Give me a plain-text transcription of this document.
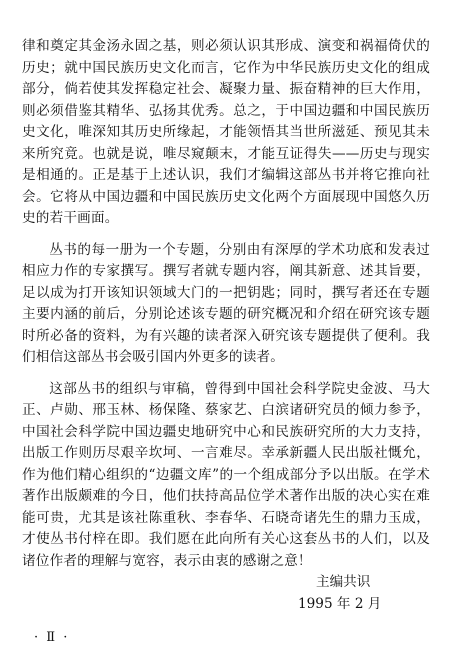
律和奠定其金汤永固之基，则必须认识其形成、演变和祸福倚伏的历史；就中国民族历史文化而言，它作为中华民族历史文化的组成部分，倘若使其发挥稳定社会、凝聚力量、振奋精神的巨大作用，则必须借鉴其精华、弘扬其优秀。总之，于中国边疆和中国民族历史文化，唯深知其历史所缘起，才能领悟其当世所滋延、预见其未来所究竟。也就是说，唯尽窥颠末，才能互证得失——历史与现实是相通的。正是基于上述认识，我们才编辑这部丛书并将它推向社会。它将从中国边疆和中国民族历史文化两个方面展现中国悠久历史的若干画面。

丛书的每一册为一个专题，分别由有深厚的学术功底和发表过相应力作的专家撰写。撰写者就专题内容，阐其新意、述其旨要，足以成为打开该知识领域大门的一把钥匙；同时，撰写者还在专题主要内涵的前后，分别论述该专题的研究概况和介绍在研究该专题时所必备的资料，为有兴趣的读者深入研究该专题提供了便利。我们相信这部丛书会吸引国内外更多的读者。

这部丛书的组织与审稿，曾得到中国社会科学院史金波、马大正、卢勋、邢玉林、杨保隆、蔡家艺、白滨诸研究员的倾力参予，中国社会科学院中国边疆史地研究中心和民族研究所的大力支持，出版工作则历尽艰辛坎坷、一言难尽。幸承新疆人民出版社慨允，作为他们精心组织的“边疆文库”的一个组成部分予以出版。在学术著作出版颇难的今日，他们扶持高品位学术著作出版的决心实在难能可贵，尤其是该社陈重秋、李春华、石晓奇诸先生的鼎力玉成，才使丛书付梓在即。我们愿在此向所有关心这套丛书的人们，以及诸位作者的理解与宽容，表示由衷的感谢之意！

主编共识
1995 年 2 月
· Ⅱ ·
